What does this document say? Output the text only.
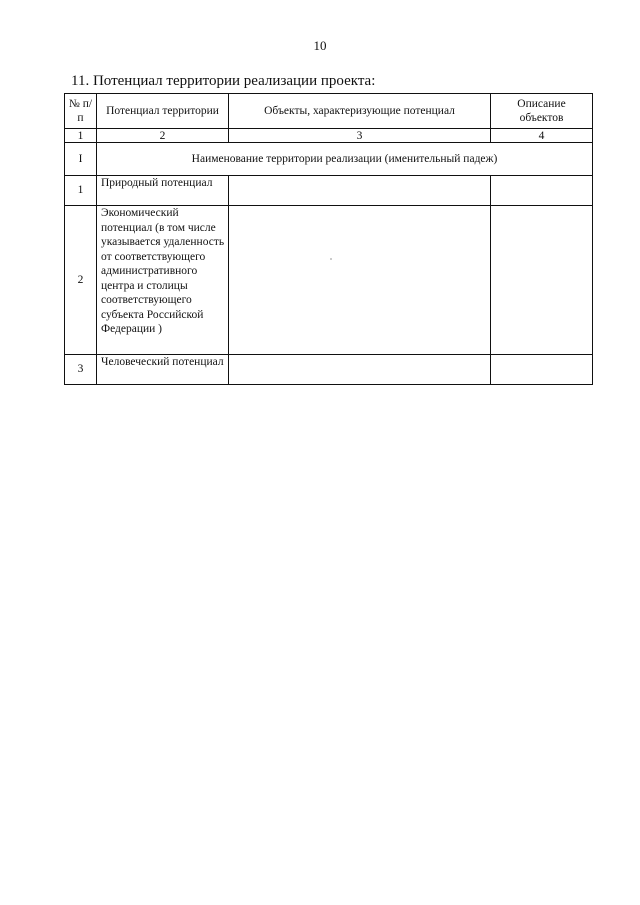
10
11. Потенциал территории реализации проекта:
№ п/п	Потенциал территории	Объекты, характеризующие потенциал	Описание объектов
1	2	3	4
I	Наименование территории реализации (именительный падеж)		
1	Природный потенциал		
2	Экономический потенциал (в том числе указывается удаленность от соответствующего административного центра и столицы соответствующего субъекта Российской Федерации )		
3	Человеческий потенциал		
